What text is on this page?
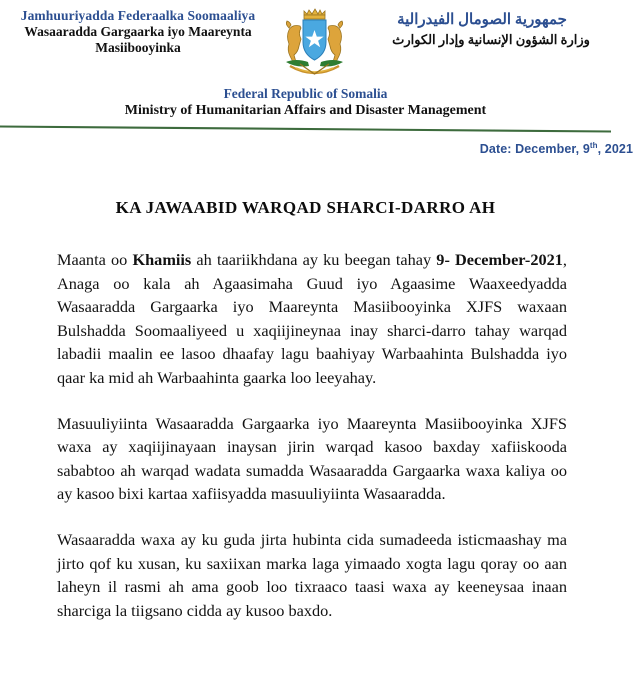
Jamhuuriyadda Federaalka Soomaaliya
Wasaaradda Gargaarka iyo Maareynta Masiibooyinka
جمهورية الصومال الفيدرالية
وزارة الشؤون الإنسانية وإدار الكوارث
Federal Republic of Somalia
Ministry of Humanitarian Affairs and Disaster Management
Date: December, 9th, 2021
KA JAWAABID WARQAD SHARCI-DARRO AH

Maanta oo Khamiis ah taariikhdana ay ku beegan tahay 9- December-2021, Anaga oo kala ah Agaasimaha Guud iyo Agaasime Waaxeedyadda Wasaaradda Gargaarka iyo Maareynta Masiibooyinka XJFS waxaan Bulshadda Soomaaliyeed u xaqiijineynaa inay sharci-darro tahay warqad labadii maalin ee lasoo dhaafay lagu baahiyay Warbaahinta Bulshadda iyo qaar ka mid ah Warbaahinta gaarka loo leeyahay.

Masuuliyiinta Wasaaradda Gargaarka iyo Maareynta Masiibooyinka XJFS waxa ay xaqiijinayaan inaysan jirin warqad kasoo baxday xafiiskooda sababtoo ah warqad wadata sumadda Wasaaradda Gargaarka waxa kaliya oo ay kasoo bixi kartaa xafiisyadda masuuliyiinta Wasaaradda.

Wasaaradda waxa ay ku guda jirta hubinta cida sumadeeda isticmaashay ma jirto qof ku xusan, ku saxiixan marka laga yimaado xogta lagu qoray oo aan laheyn il rasmi ah ama goob loo tixraaco taasi waxa ay keeneysaa inaan sharciga la tiigsano cidda ay kusoo baxdo.
